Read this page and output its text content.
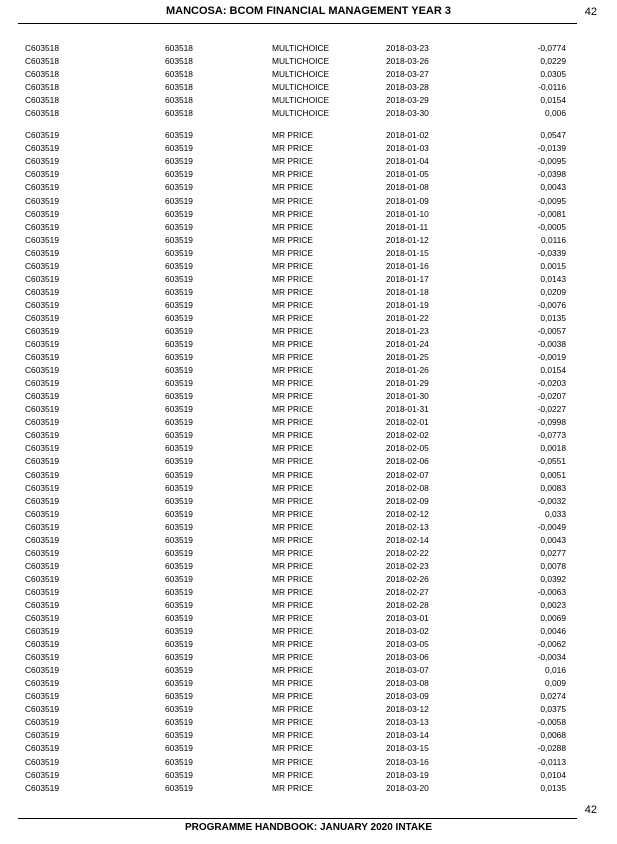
MANCOSA: BCOM FINANCIAL MANAGEMENT YEAR 3	42
C603518	603518	MULTICHOICE	2018-03-23	-0,0774
C603518	603518	MULTICHOICE	2018-03-26	0,0229
C603518	603518	MULTICHOICE	2018-03-27	0,0305
C603518	603518	MULTICHOICE	2018-03-28	-0,0116
C603518	603518	MULTICHOICE	2018-03-29	0,0154
C603518	603518	MULTICHOICE	2018-03-30	0,006
C603519	603519	MR PRICE	2018-01-02	0,0547
C603519	603519	MR PRICE	2018-01-03	-0,0139
C603519	603519	MR PRICE	2018-01-04	-0,0095
C603519	603519	MR PRICE	2018-01-05	-0,0398
C603519	603519	MR PRICE	2018-01-08	0,0043
C603519	603519	MR PRICE	2018-01-09	-0,0095
C603519	603519	MR PRICE	2018-01-10	-0,0081
C603519	603519	MR PRICE	2018-01-11	-0,0005
C603519	603519	MR PRICE	2018-01-12	0,0116
C603519	603519	MR PRICE	2018-01-15	-0,0339
C603519	603519	MR PRICE	2018-01-16	0,0015
C603519	603519	MR PRICE	2018-01-17	0,0143
C603519	603519	MR PRICE	2018-01-18	0,0209
C603519	603519	MR PRICE	2018-01-19	-0,0076
C603519	603519	MR PRICE	2018-01-22	0,0135
C603519	603519	MR PRICE	2018-01-23	-0,0057
C603519	603519	MR PRICE	2018-01-24	-0,0038
C603519	603519	MR PRICE	2018-01-25	-0,0019
C603519	603519	MR PRICE	2018-01-26	0,0154
C603519	603519	MR PRICE	2018-01-29	-0,0203
C603519	603519	MR PRICE	2018-01-30	-0,0207
C603519	603519	MR PRICE	2018-01-31	-0,0227
C603519	603519	MR PRICE	2018-02-01	-0,0998
C603519	603519	MR PRICE	2018-02-02	-0,0773
C603519	603519	MR PRICE	2018-02-05	0,0018
C603519	603519	MR PRICE	2018-02-06	-0,0551
C603519	603519	MR PRICE	2018-02-07	0,0051
C603519	603519	MR PRICE	2018-02-08	0,0083
C603519	603519	MR PRICE	2018-02-09	-0,0032
C603519	603519	MR PRICE	2018-02-12	0,033
C603519	603519	MR PRICE	2018-02-13	-0,0049
C603519	603519	MR PRICE	2018-02-14	0,0043
C603519	603519	MR PRICE	2018-02-22	0,0277
C603519	603519	MR PRICE	2018-02-23	0,0078
C603519	603519	MR PRICE	2018-02-26	0,0392
C603519	603519	MR PRICE	2018-02-27	-0,0063
C603519	603519	MR PRICE	2018-02-28	0,0023
C603519	603519	MR PRICE	2018-03-01	0,0069
C603519	603519	MR PRICE	2018-03-02	0,0046
C603519	603519	MR PRICE	2018-03-05	-0,0062
C603519	603519	MR PRICE	2018-03-06	-0,0034
C603519	603519	MR PRICE	2018-03-07	0,016
C603519	603519	MR PRICE	2018-03-08	0,009
C603519	603519	MR PRICE	2018-03-09	0,0274
C603519	603519	MR PRICE	2018-03-12	0,0375
C603519	603519	MR PRICE	2018-03-13	-0,0058
C603519	603519	MR PRICE	2018-03-14	0,0068
C603519	603519	MR PRICE	2018-03-15	-0,0288
C603519	603519	MR PRICE	2018-03-16	-0,0113
C603519	603519	MR PRICE	2018-03-19	0,0104
C603519	603519	MR PRICE	2018-03-20	0,0135
42
PROGRAMME HANDBOOK: JANUARY 2020 INTAKE
